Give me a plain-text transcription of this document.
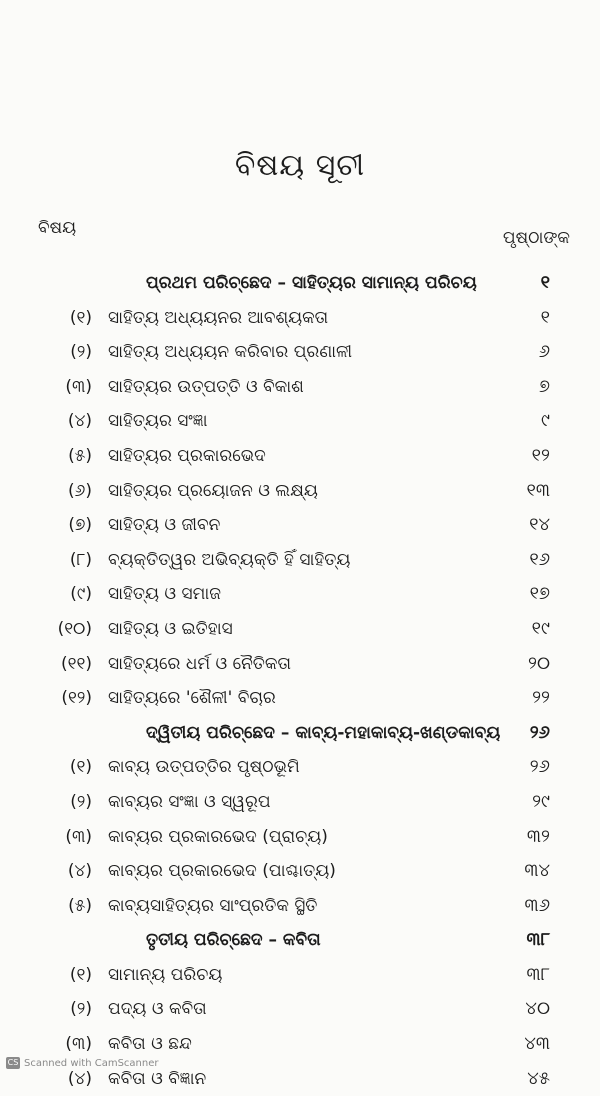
ବିଷୟ ସୂଚୀ
ବିଷୟ	ପୃଷ୍ଠାଙ୍କ
ପ୍ରଥମ ପରିଚ୍ଛେଦ – ସାହିତ୍ୟର ସାମାନ୍ୟ ପରିଚୟ	୧
(୧) ସାହିତ୍ୟ ଅଧ୍ୟୟନର ଆବଶ୍ୟକତା	୧
(୨) ସାହିତ୍ୟ ଅଧ୍ୟୟନ କରିବାର ପ୍ରଣାଳୀ	୬
(୩) ସାହିତ୍ୟର ଉତ୍ପତ୍ତି ଓ ବିକାଶ	୭
(୪) ସାହିତ୍ୟର ସଂଜ୍ଞା	୯
(୫) ସାହିତ୍ୟର ପ୍ରକାରଭେଦ	୧୨
(୬) ସାହିତ୍ୟର ପ୍ରୟୋଜନ ଓ ଲକ୍ଷ୍ୟ	୧୩
(୭) ସାହିତ୍ୟ ଓ ଜୀବନ	୧୪
(୮) ବ୍ୟକ୍ତିତ୍ୱର ଅଭିବ୍ୟକ୍ତି ହିଁ ସାହିତ୍ୟ	୧୬
(୯) ସାହିତ୍ୟ ଓ ସମାଜ	୧୭
(୧୦) ସାହିତ୍ୟ ଓ ଇତିହାସ	୧୯
(୧୧) ସାହିତ୍ୟରେ ଧର୍ମ ଓ ନୈତିକତା	୨୦
(୧୨) ସାହିତ୍ୟରେ 'ଶୈଳୀ' ବିଚାର	୨୨
ଦ୍ୱିତୀୟ ପରିଚ୍ଛେଦ – କାବ୍ୟ-ମହାକାବ୍ୟ-ଖଣ୍ଡକାବ୍ୟ ୨୬
(୧) କାବ୍ୟ ଉତ୍ପତ୍ତିର ପୃଷ୍ଠଭୂମି	୨୬
(୨) କାବ୍ୟର ସଂଜ୍ଞା ଓ ସ୍ୱରୂପ	୨୯
(୩) କାବ୍ୟର ପ୍ରକାରଭେଦ (ପ୍ରାଚ୍ୟ)	୩୨
(୪) କାବ୍ୟର ପ୍ରକାରଭେଦ (ପାଶ୍ଚାତ୍ୟ)	୩୪
(୫) କାବ୍ୟସାହିତ୍ୟର ସାଂପ୍ରତିକ ସ୍ଥିତି	୩୬
ତୃତୀୟ ପରିଚ୍ଛେଦ – କବିତା	୩୮
(୧) ସାମାନ୍ୟ ପରିଚୟ	୩୮
(୨) ପଦ୍ୟ ଓ କବିତା	୪୦
(୩) କବିତା ଓ ଛନ୍ଦ	୪୩
(୪) କବିତା ଓ ବିଜ୍ଞାନ	୪୫
CS Scanned with CamScanner
